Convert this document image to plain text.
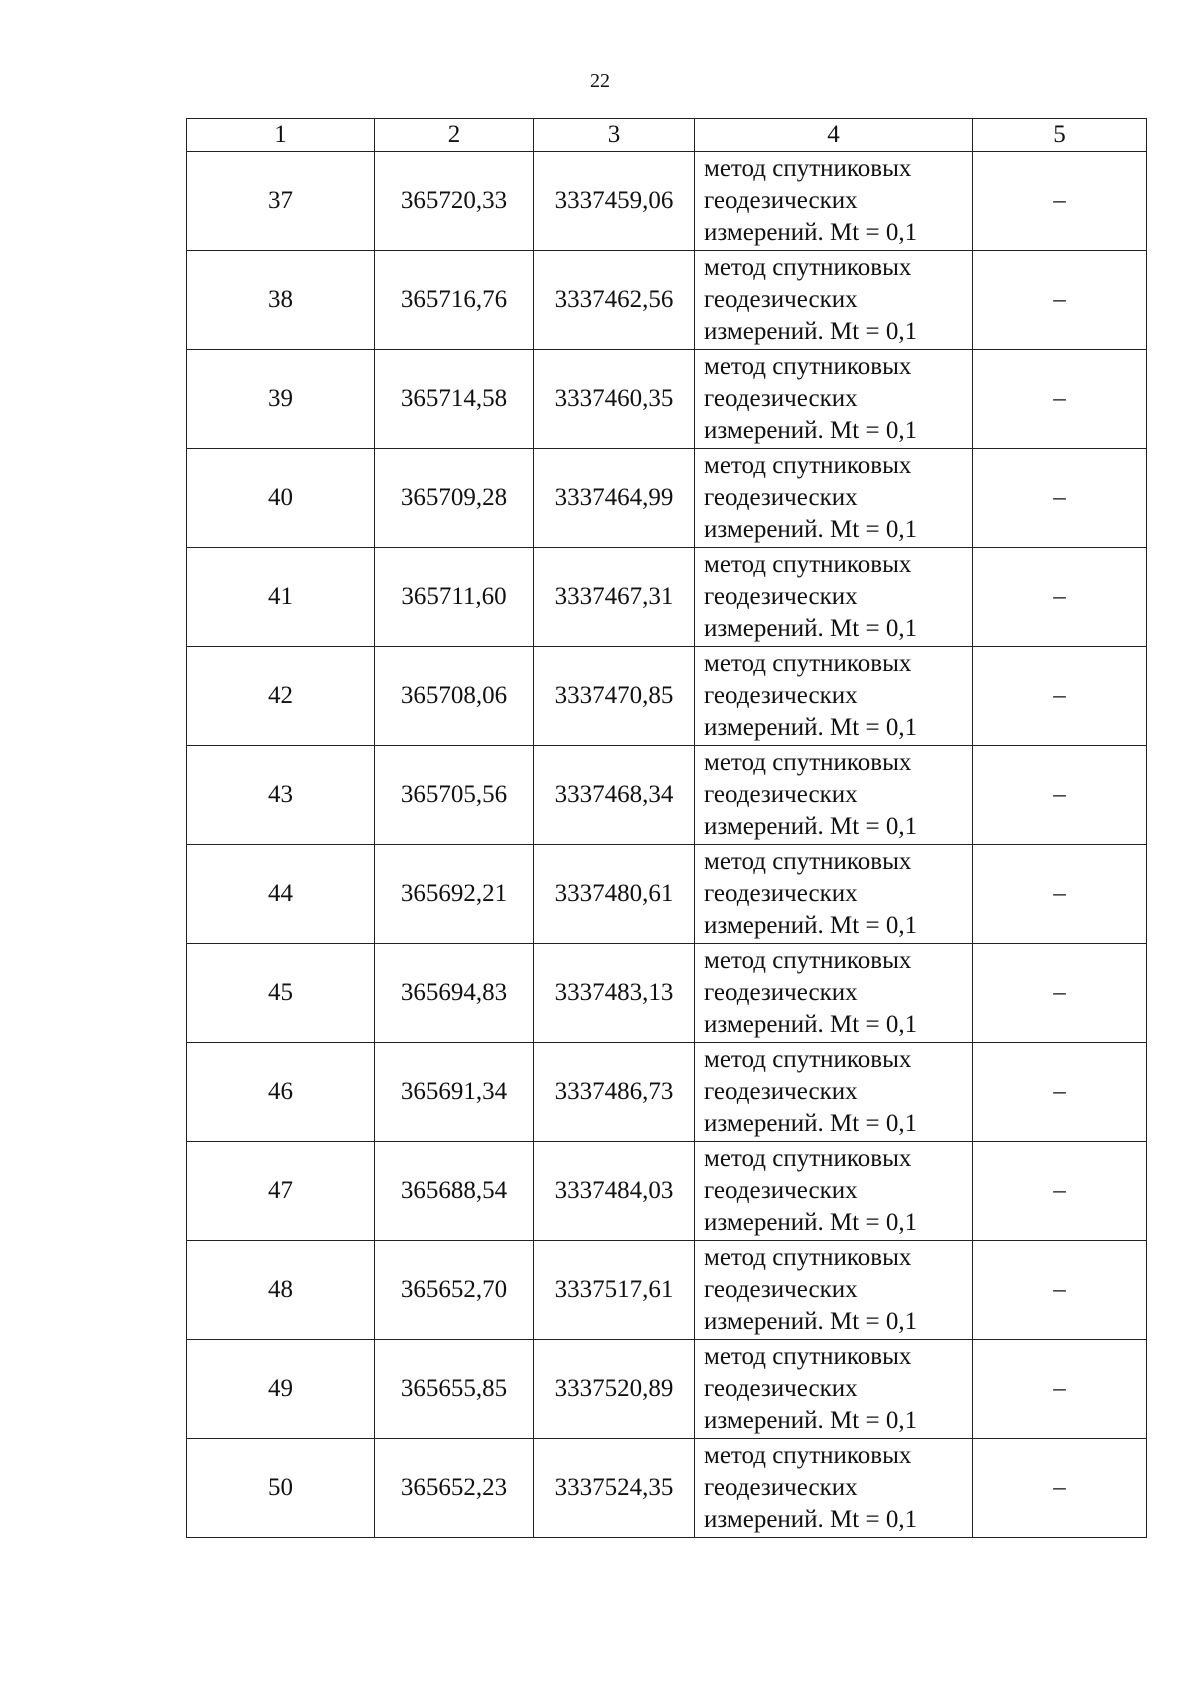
22
1	2	3	4	5
37	365720,33	3337459,06	метод спутниковых
геодезических
измерений. Mt = 0,1	–
38	365716,76	3337462,56	метод спутниковых
геодезических
измерений. Mt = 0,1	–
39	365714,58	3337460,35	метод спутниковых
геодезических
измерений. Mt = 0,1	–
40	365709,28	3337464,99	метод спутниковых
геодезических
измерений. Mt = 0,1	–
41	365711,60	3337467,31	метод спутниковых
геодезических
измерений. Mt = 0,1	–
42	365708,06	3337470,85	метод спутниковых
геодезических
измерений. Mt = 0,1	–
43	365705,56	3337468,34	метод спутниковых
геодезических
измерений. Mt = 0,1	–
44	365692,21	3337480,61	метод спутниковых
геодезических
измерений. Mt = 0,1	–
45	365694,83	3337483,13	метод спутниковых
геодезических
измерений. Mt = 0,1	–
46	365691,34	3337486,73	метод спутниковых
геодезических
измерений. Mt = 0,1	–
47	365688,54	3337484,03	метод спутниковых
геодезических
измерений. Mt = 0,1	–
48	365652,70	3337517,61	метод спутниковых
геодезических
измерений. Mt = 0,1	–
49	365655,85	3337520,89	метод спутниковых
геодезических
измерений. Mt = 0,1	–
50	365652,23	3337524,35	метод спутниковых
геодезических
измерений. Mt = 0,1	–
